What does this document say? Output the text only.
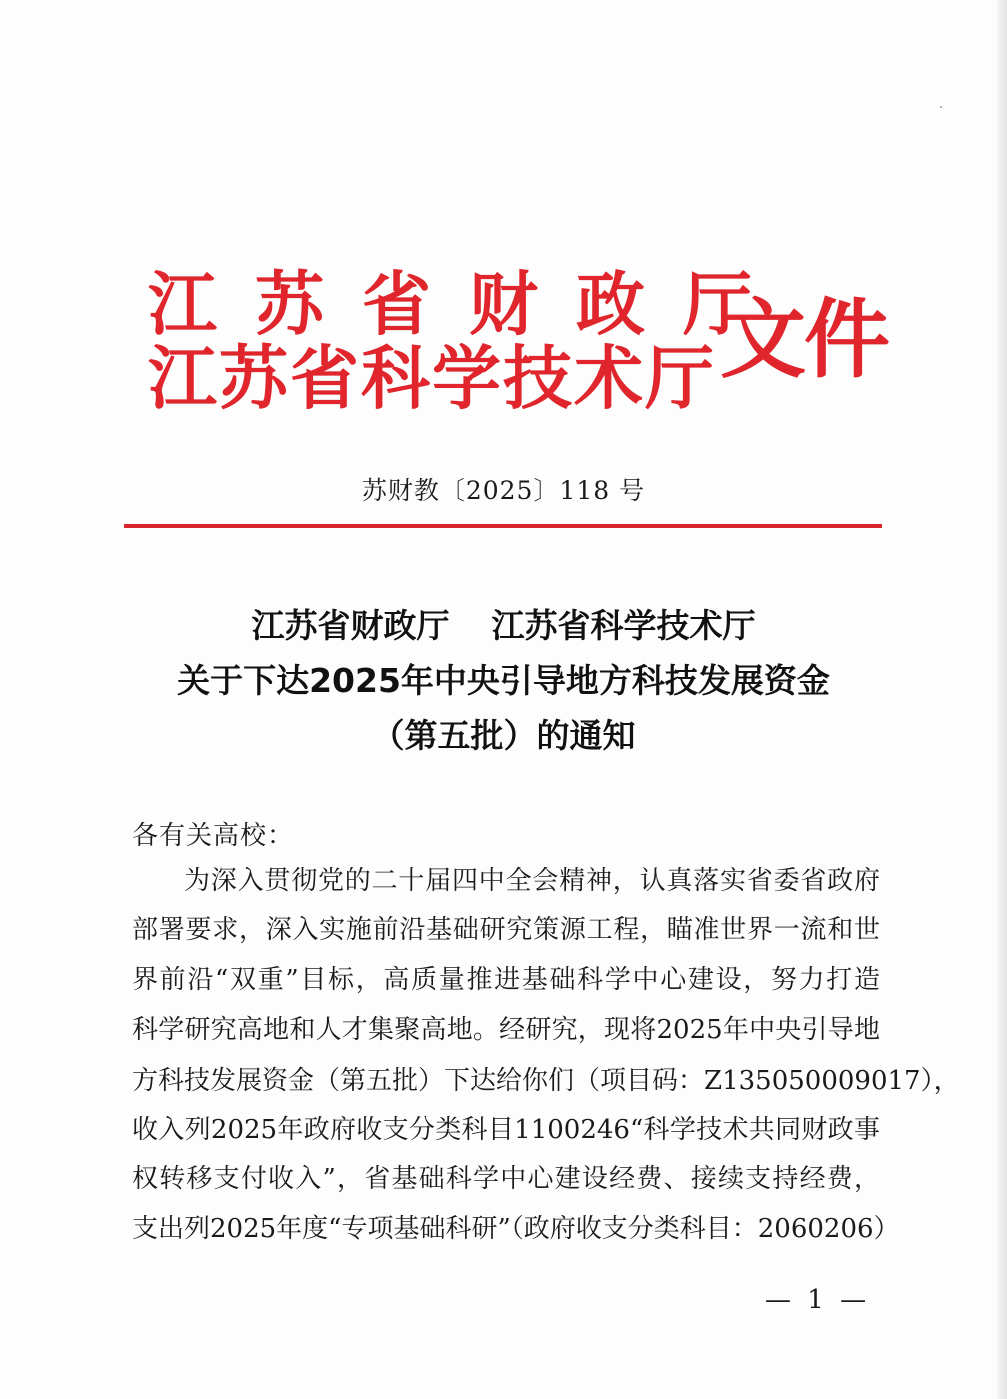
江苏省财政厅
江苏省科学技术厅 文件
苏财教〔2025〕118 号
江苏省财政厅 江苏省科学技术厅
关于下达2025年中央引导地方科技发展资金
（第五批）的通知
各有关高校：
为深入贯彻党的二十届四中全会精神，认真落实省委省政府
部署要求，深入实施前沿基础研究策源工程，瞄准世界一流和世
界前沿“双重”目标，高质量推进基础科学中心建设，努力打造
科学研究高地和人才集聚高地。经研究，现将2025年中央引导地
方科技发展资金（第五批）下达给你们（项目码：Z135050009017），
收入列2025年政府收支分类科目1100246“科学技术共同财政事
权转移支付收入”，省基础科学中心建设经费、接续支持经费，
支出列2025年度“专项基础科研”（政府收支分类科目：2060206）
— 1 —
